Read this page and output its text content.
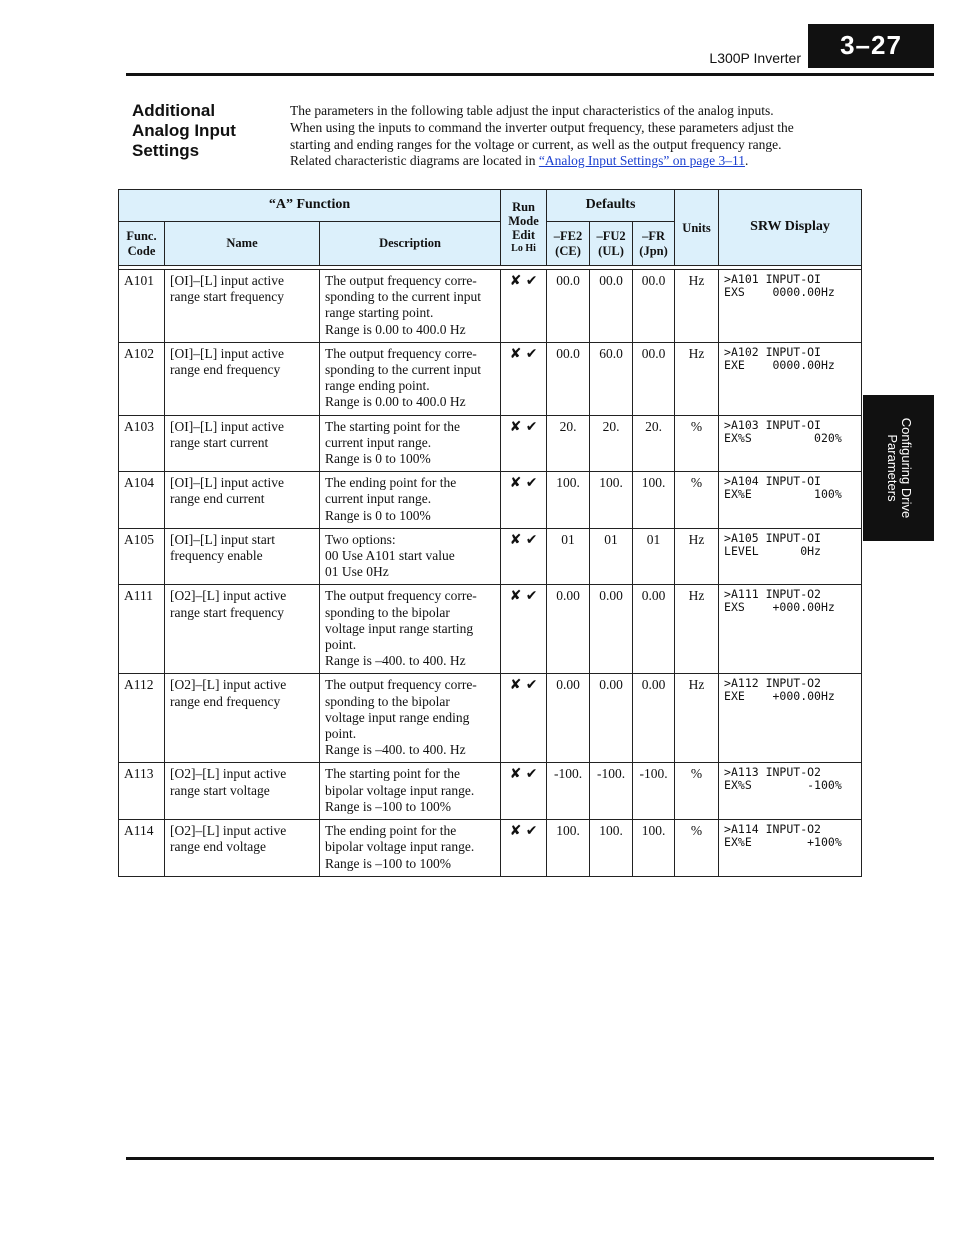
L300P Inverter	3–27
Configuring Drive
Parameters
Additional
Analog Input
Settings
The parameters in the following table adjust the input characteristics of the analog inputs.
When using the inputs to command the inverter output frequency, these parameters adjust the
starting and ending ranges for the voltage or current, as well as the output frequency range.
Related characteristic diagrams are located in “Analog Input Settings” on page 3–11.
“A” Function			Run
Mode
Edit
Lo Hi	Defaults			Units	SRW Display

Func.
Code	Name	Description		–FE2
(CE)	–FU2
(UL)	–FR
(Jpn)		

A101	[OI]–[L] input active
range start frequency	The output frequency corre-
sponding to the current input
range starting point.
Range is 0.00 to 400.0 Hz	✘ ✔	00.0	00.0	00.0	Hz	>A101 INPUT-OI
EXS    0000.00Hz

A102	[OI]–[L] input active
range end frequency	The output frequency corre-
sponding to the current input
range ending point.
Range is 0.00 to 400.0 Hz	✘ ✔	00.0	60.0	00.0	Hz	>A102 INPUT-OI
EXE    0000.00Hz

A103	[OI]–[L] input active
range start current	The starting point for the
current input range.
Range is 0 to 100%	✘ ✔	20.	20.	20.	%	>A103 INPUT-OI
EX%S         020%

A104	[OI]–[L] input active
range end current	The ending point for the
current input range.
Range is 0 to 100%	✘ ✔	100.	100.	100.	%	>A104 INPUT-OI
EX%E         100%

A105	[OI]–[L] input start
frequency enable	Two options:
00 Use A101 start value
01 Use 0Hz	✘ ✔	01	01	01	Hz	>A105 INPUT-OI
LEVEL      0Hz

A111	[O2]–[L] input active
range start frequency	The output frequency corre-
sponding to the bipolar
voltage input range starting
point.
Range is –400. to 400. Hz	✘ ✔	0.00	0.00	0.00	Hz	>A111 INPUT-O2
EXS    +000.00Hz

A112	[O2]–[L] input active
range end frequency	The output frequency corre-
sponding to the bipolar
voltage input range ending
point.
Range is –400. to 400. Hz	✘ ✔	0.00	0.00	0.00	Hz	>A112 INPUT-O2
EXE    +000.00Hz

A113	[O2]–[L] input active
range start voltage	The starting point for the
bipolar voltage input range.
Range is –100 to 100%	✘ ✔	-100.	-100.	-100.	%	>A113 INPUT-O2
EX%S        -100%

A114	[O2]–[L] input active
range end voltage	The ending point for the
bipolar voltage input range.
Range is –100 to 100%	✘ ✔	100.	100.	100.	%	>A114 INPUT-O2
EX%E        +100%
